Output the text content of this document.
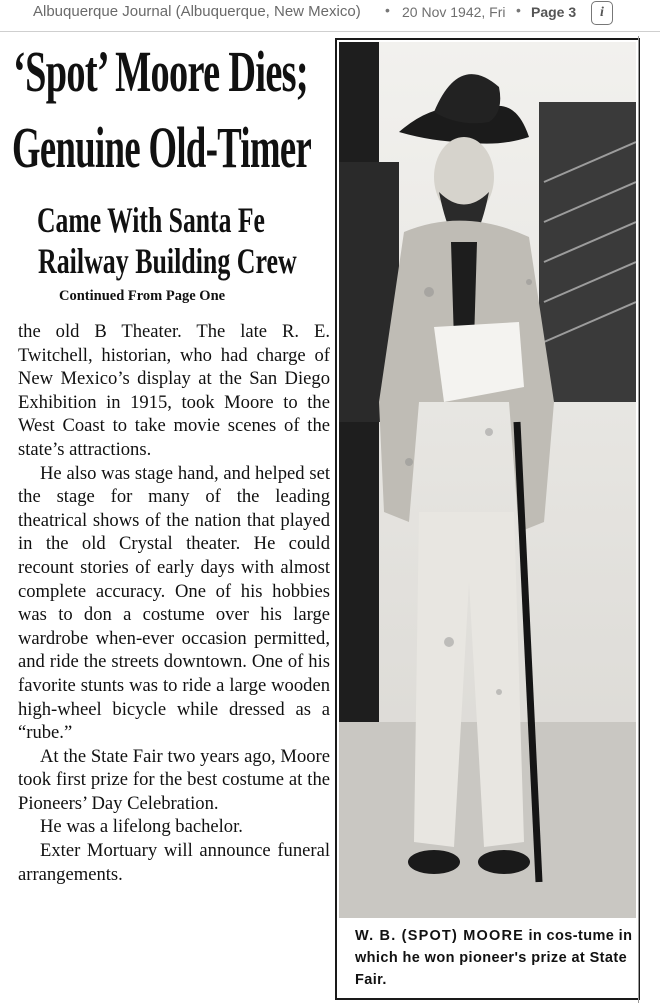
Albuquerque Journal (Albuquerque, New Mexico) • 20 Nov 1942, Fri • Page 3	i
‘Spot’ Moore Dies;
Genuine Old-Timer
Came With Santa Fe
Railway Building Crew
Continued From Page One

the old B Theater. The late R. E. Twitchell, historian, who had charge of New Mexico’s display at the San Diego Exhibition in 1915, took Moore to the West Coast to take movie scenes of the state’s attractions.

He also was stage hand, and helped set the stage for many of the leading theatrical shows of the nation that played in the old Crystal theater. He could recount stories of early days with almost complete accuracy. One of his hobbies was to don a costume over his large wardrobe when-ever occasion permitted, and ride the streets downtown. One of his favorite stunts was to ride a large wooden high-wheel bicycle while dressed as a “rube.”

At the State Fair two years ago, Moore took first prize for the best costume at the Pioneers’ Day Celebration.

He was a lifelong bachelor.

Exter Mortuary will announce funeral arrangements.

W. B. (SPOT) MOORE in cos-tume in which he won pioneer's prize at State Fair.
